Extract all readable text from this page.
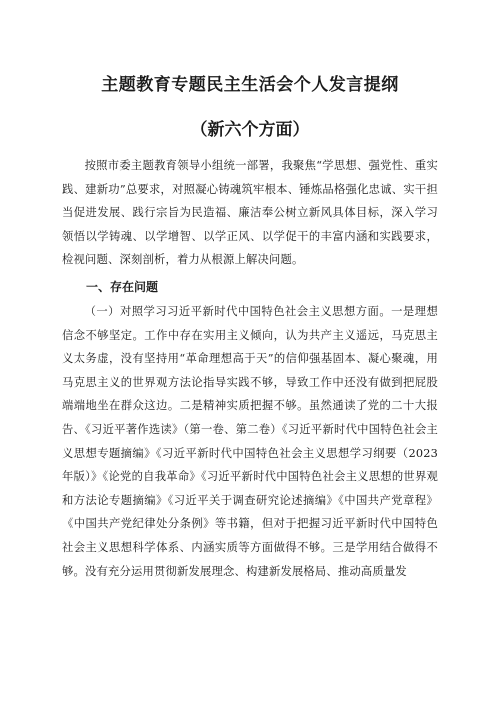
主题教育专题民主生活会个人发言提纲
（新六个方面）

按照市委主题教育领导小组统一部署，我聚焦“学思想、强党性、重实践、建新功”总要求，对照凝心铸魂筑牢根本、锤炼品格强化忠诚、实干担当促进发展、践行宗旨为民造福、廉洁奉公树立新风具体目标，深入学习领悟以学铸魂、以学增智、以学正风、以学促干的丰富内涵和实践要求，检视问题、深刻剖析，着力从根源上解决问题。

一、存在问题

（一）对照学习习近平新时代中国特色社会主义思想方面。一是理想信念不够坚定。工作中存在实用主义倾向，认为共产主义遥远，马克思主义太务虚，没有坚持用“革命理想高于天”的信仰强基固本、凝心聚魂，用马克思主义的世界观方法论指导实践不够，导致工作中还没有做到把屁股端端地坐在群众这边。二是精神实质把握不够。虽然通读了党的二十大报告、《习近平著作选读》（第一卷、第二卷）《习近平新时代中国特色社会主义思想专题摘编》《习近平新时代中国特色社会主义思想学习纲要（2023年版）》《论党的自我革命》《习近平新时代中国特色社会主义思想的世界观和方法论专题摘编》《习近平关于调查研究论述摘编》《中国共产党章程》《中国共产党纪律处分条例》等书籍，但对于把握习近平新时代中国特色社会主义思想科学体系、内涵实质等方面做得不够。三是学用结合做得不够。没有充分运用贯彻新发展理念、构建新发展格局、推动高质量发
